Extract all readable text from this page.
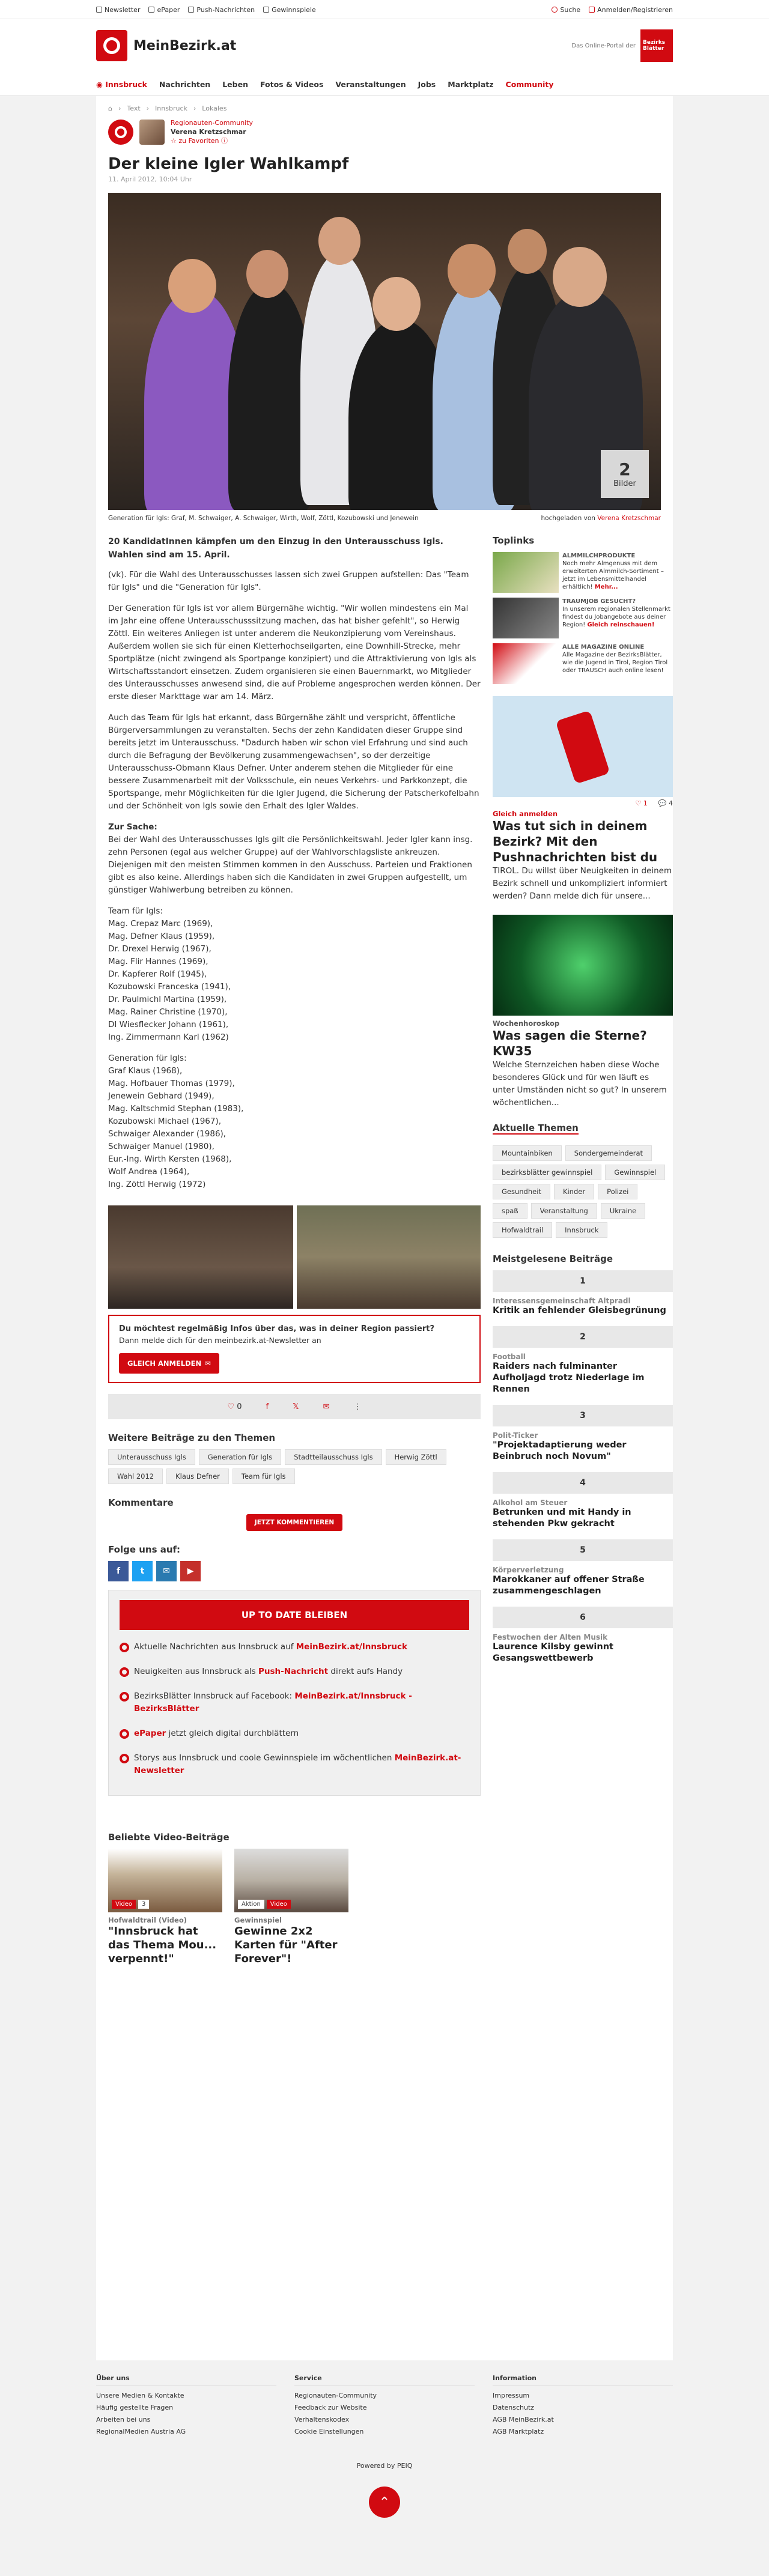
Newsletter	ePaper	Push-Nachrichten	Gewinnspiele	Suche	Anmelden/Registrieren
MeinBezirk.at	Das Online-Portal der Bezirks Blätter
◉ Innsbruck Nachrichten Leben Fotos & Videos Veranstaltungen Jobs Marktplatz Community
⌂ › Text › Innsbruck › Lokales
Regionauten-Community
Verena Kretzschmar
☆ zu Favoriten ⓘ
Der kleine Igler Wahlkampf
11. April 2012, 10:04 Uhr
2
Bilder
Generation für Igls: Graf, M. Schwaiger, A. Schwaiger, Wirth, Wolf, Zöttl, Kozubowski und Jenewein	hochgeladen von Verena Kretzschmar
20 KandidatInnen kämpfen um den Einzug in den Unterausschuss Igls. Wahlen sind am 15. April.

(vk). Für die Wahl des Unterausschusses lassen sich zwei Gruppen aufstellen: Das "Team für Igls" und die "Generation für Igls".

Der Generation für Igls ist vor allem Bürgernähe wichtig. "Wir wollen mindestens ein Mal im Jahr eine offene Unterausschusssitzung machen, das hat bisher gefehlt", so Herwig Zöttl. Ein weiteres Anliegen ist unter anderem die Neukonzipierung vom Vereinshaus. Außerdem wollen sie sich für einen Kletterhochseilgarten, eine Downhill-Strecke, mehr Sportplätze (nicht zwingend als Sportpange konzipiert) und die Attraktivierung von Igls als Wirtschaftsstandort einsetzen. Zudem organisieren sie einen Bauernmarkt, wo Mitglieder des Unterausschusses anwesend sind, die auf Probleme angesprochen werden können. Der erste dieser Markttage war am 14. März.

Auch das Team für Igls hat erkannt, dass Bürgernähe zählt und verspricht, öffentliche Bürgerversammlungen zu veranstalten. Sechs der zehn Kandidaten dieser Gruppe sind bereits jetzt im Unterausschuss. "Dadurch haben wir schon viel Erfahrung und sind auch durch die Befragung der Bevölkerung zusammengewachsen", so der derzeitige Unterausschuss-Obmann Klaus Defner. Unter anderem stehen die Mitglieder für eine bessere Zusammenarbeit mit der Volksschule, ein neues Verkehrs- und Parkkonzept, die Sportspange, mehr Möglichkeiten für die Igler Jugend, die Sicherung der Patscherkofelbahn und der Schönheit von Igls sowie den Erhalt des Igler Waldes.

Zur Sache:
Bei der Wahl des Unterausschusses Igls gilt die Persönlichkeitswahl. Jeder Igler kann insg. zehn Personen (egal aus welcher Gruppe) auf der Wahlvorschlagsliste ankreuzen. Diejenigen mit den meisten Stimmen kommen in den Ausschuss. Parteien und Fraktionen gibt es also keine. Allerdings haben sich die Kandidaten in zwei Gruppen aufgestellt, um günstiger Wahlwerbung betreiben zu können.

Team für Igls:
Mag. Crepaz Marc (1969),
Mag. Defner Klaus (1959),
Dr. Drexel Herwig (1967),
Mag. Flir Hannes (1969),
Dr. Kapferer Rolf (1945),
Kozubowski Franceska (1941),
Dr. Paulmichl Martina (1959),
Mag. Rainer Christine (1970),
DI Wiesflecker Johann (1961),
Ing. Zimmermann Karl (1962)
Generation für Igls:
Graf Klaus (1968),
Mag. Hofbauer Thomas (1979),
Jenewein Gebhard (1949),
Mag. Kaltschmid Stephan (1983),
Kozubowski Michael (1967),
Schwaiger Alexander (1986),
Schwaiger Manuel (1980),
Eur.-Ing. Wirth Kersten (1968),
Wolf Andrea (1964),
Ing. Zöttl Herwig (1972)
Du möchtest regelmäßig Infos über das, was in deiner Region passiert?
Dann melde dich für den meinbezirk.at-Newsletter an
GLEICH ANMELDEN ✉
♡ 0	f	𝕏	✉	⋮
Weitere Beiträge zu den Themen
Unterausschuss Igls	Generation für Igls	Stadtteilausschuss Igls	Herwig Zöttl
Wahl 2012	Klaus Defner	Team für Igls
Kommentare
JETZT KOMMENTIEREN
Folge uns auf:
f	t	✉	▶
UP TO DATE BLEIBEN
Aktuelle Nachrichten aus Innsbruck auf MeinBezirk.at/Innsbruck
Neuigkeiten aus Innsbruck als Push-Nachricht direkt aufs Handy
BezirksBlätter Innsbruck auf Facebook: MeinBezirk.at/Innsbruck - BezirksBlätter
ePaper jetzt gleich digital durchblättern
Storys aus Innsbruck und coole Gewinnspiele im wöchentlichen MeinBezirk.at-Newsletter
Beliebte Video-Beiträge
Video	3
Hofwaldtrail (Video)
"Innsbruck hat das Thema Mou... verpennt!"
Aktion	Video
Gewinnspiel
Gewinne 2x2 Karten für "After Forever"!
Toplinks
ALMMILCHPRODUKTE
Noch mehr Almgenuss mit dem erweiterten Almmilch-Sortiment – jetzt im Lebensmittelhandel erhältlich! Mehr...
TRAUMJOB GESUCHT?
In unserem regionalen Stellenmarkt findest du Jobangebote aus deiner Region! Gleich reinschauen!
ALLE MAGAZINE ONLINE
Alle Magazine der BezirksBlätter, wie die Jugend in Tirol, Region Tirol oder TRAUSCH auch online lesen!
♡ 1 💬 4
Gleich anmelden
Was tut sich in deinem Bezirk? Mit den Pushnachrichten bist du
TIROL. Du willst über Neuigkeiten in deinem Bezirk schnell und unkompliziert informiert werden? Dann melde dich für unsere...
Wochenhoroskop
Was sagen die Sterne? KW35
Welche Sternzeichen haben diese Woche besonderes Glück und für wen läuft es unter Umständen nicht so gut? In unserem wöchentlichen...
Aktuelle Themen
Mountainbiken	Sondergemeinderat
bezirksblätter gewinnspiel	Gewinnspiel
Gesundheit	Kinder	Polizei
spaß	Veranstaltung	Ukraine
Hofwaldtrail	Innsbruck
Meistgelesene Beiträge
1
Interessensgemeinschaft Altpradl
Kritik an fehlender Gleisbegrünung
2
Football
Raiders nach fulminanter Aufholjagd trotz Niederlage im Rennen
3
Polit-Ticker
"Projektadaptierung weder Beinbruch noch Novum"
4
Alkohol am Steuer
Betrunken und mit Handy in stehenden Pkw gekracht
5
Körperverletzung
Marokkaner auf offener Straße zusammengeschlagen
6
Festwochen der Alten Musik
Laurence Kilsby gewinnt Gesangswettbewerb
Über uns
Unsere Medien & Kontakte
Häufig gestellte Fragen
Arbeiten bei uns
RegionalMedien Austria AG
Service
Regionauten-Community
Feedback zur Website
Verhaltenskodex
Cookie Einstellungen
Information
Impressum
Datenschutz
AGB MeinBezirk.at
AGB Marktplatz
Powered by PEIQ
⌃
